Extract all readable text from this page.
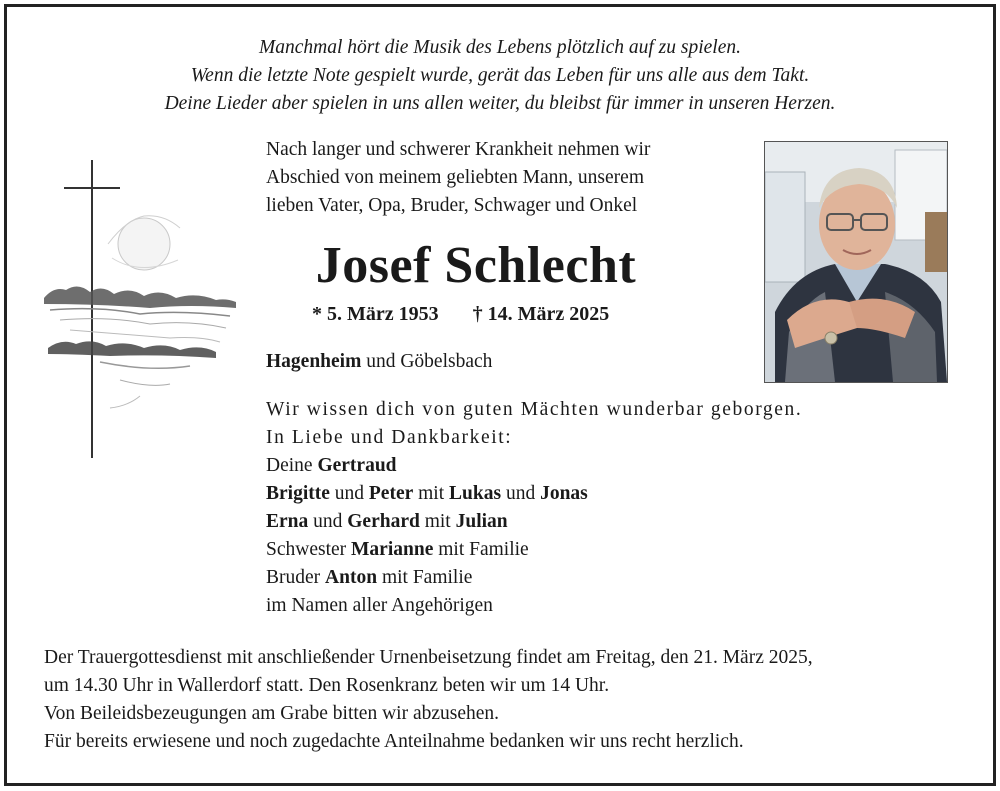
Manchmal hört die Musik des Lebens plötzlich auf zu spielen.
Wenn die letzte Note gespielt wurde, gerät das Leben für uns alle aus dem Takt.
Deine Lieder aber spielen in uns allen weiter, du bleibst für immer in unseren Herzen.
Nach langer und schwerer Krankheit nehmen wir
Abschied von meinem geliebten Mann, unserem
lieben Vater, Opa, Bruder, Schwager und Onkel
Josef Schlecht
* 5. März 1953 † 14. März 2025
Hagenheim und Göbelsbach
Wir wissen dich von guten Mächten wunderbar geborgen.
In Liebe und Dankbarkeit:
Deine Gertraud
Brigitte und Peter mit Lukas und Jonas
Erna und Gerhard mit Julian
Schwester Marianne mit Familie
Bruder Anton mit Familie
im Namen aller Angehörigen
Der Trauergottesdienst mit anschließender Urnenbeisetzung findet am Freitag, den 21. März 2025,
um 14.30 Uhr in Wallerdorf statt. Den Rosenkranz beten wir um 14 Uhr.
Von Beileidsbezeugungen am Grabe bitten wir abzusehen.
Für bereits erwiesene und noch zugedachte Anteilnahme bedanken wir uns recht herzlich.
